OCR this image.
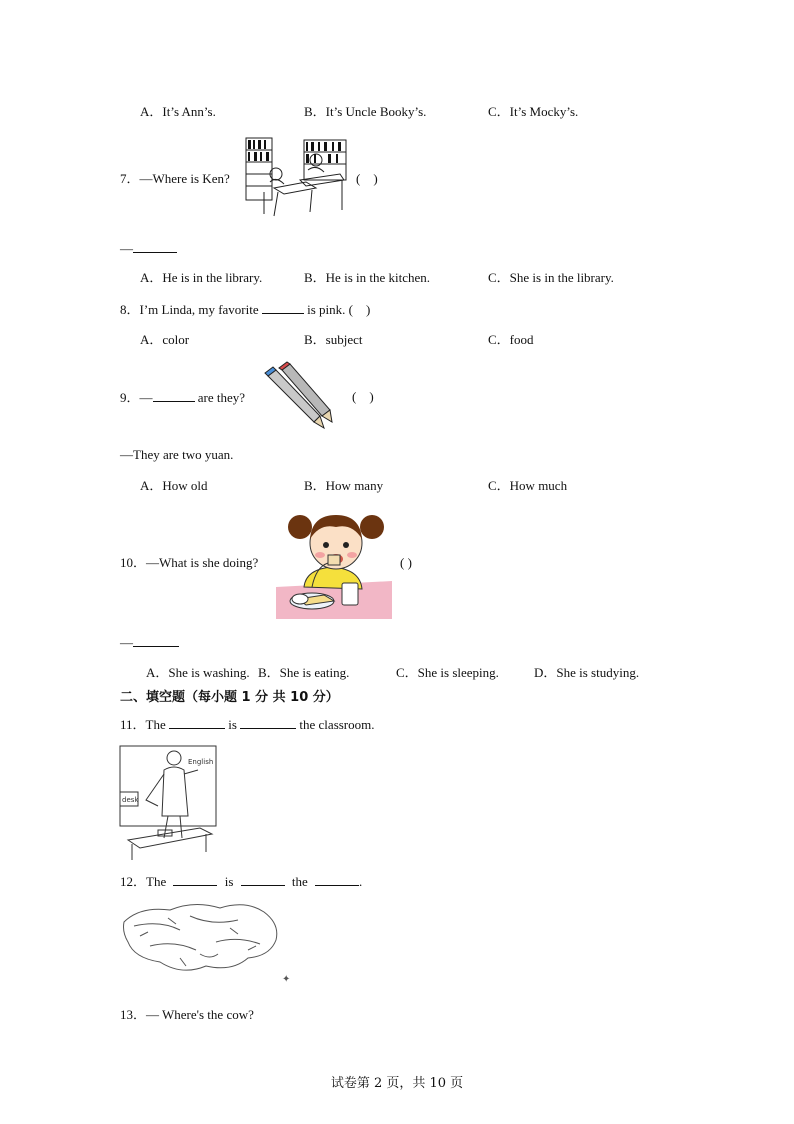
A．It’s Ann’s.	B．It’s Uncle Booky’s.	C．It’s Mocky’s.
7．—Where is Ken?	(　)
—
A．He is in the library.	B．He is in the kitchen.	C．She is in the library.
8．I’m Linda, my favorite	is pink. (　)
A．color	B．subject	C．food
9．—	are they?	(　)
—They are two yuan.
A．How old	B．How many	C．How much
10．—What is she doing?	( )
—
A．She is washing. B．She is eating.	C．She is sleeping.	D．She is studying.
二、填空题（每小题 1 分 共 10 分）
11．The	is	the classroom.
English
desk
12．The	is	the	.
✦
13．— Where's the cow?
试卷第 2 页，共 10 页
